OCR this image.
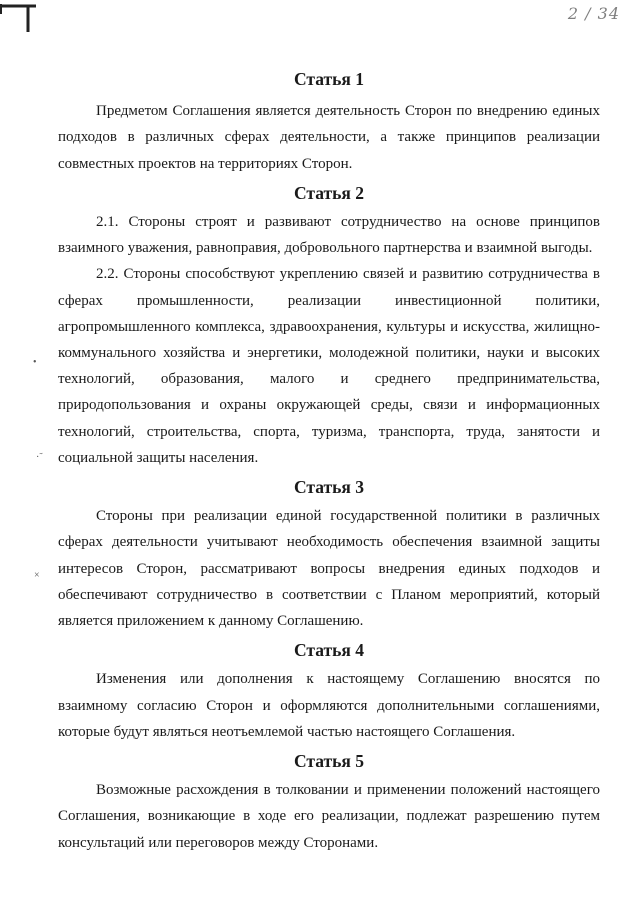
2 / 34
•
·˜
×
Статья 1

Предметом Соглашения является деятельность Сторон по внедрению единых подходов в различных сферах деятельности, а также принципов реализации совместных проектов на территориях Сторон.

Статья 2

2.1. Стороны строят и развивают сотрудничество на основе принципов взаимного уважения, равноправия, добровольного партнерства и взаимной выгоды.

2.2. Стороны способствуют укреплению связей и развитию сотрудничества в сферах промышленности, реализации инвестиционной политики, агропромышленного комплекса, здравоохранения, культуры и искусства, жилищно-коммунального хозяйства и энергетики, молодежной политики, науки и высоких технологий, образования, малого и среднего предпринимательства, природопользования и охраны окружающей среды, связи и информационных технологий, строительства, спорта, туризма, транспорта, труда, занятости и социальной защиты населения.

Статья 3

Стороны при реализации единой государственной политики в различных сферах деятельности учитывают необходимость обеспечения взаимной защиты интересов Сторон, рассматривают вопросы внедрения единых подходов и обеспечивают сотрудничество в соответствии с Планом мероприятий, который является приложением к данному Соглашению.

Статья 4

Изменения или дополнения к настоящему Соглашению вносятся по взаимному согласию Сторон и оформляются дополнительными соглашениями, которые будут являться неотъемлемой частью настоящего Соглашения.

Статья 5

Возможные расхождения в толковании и применении положений настоящего Соглашения, возникающие в ходе его реализации, подлежат разрешению путем консультаций или переговоров между Сторонами.
